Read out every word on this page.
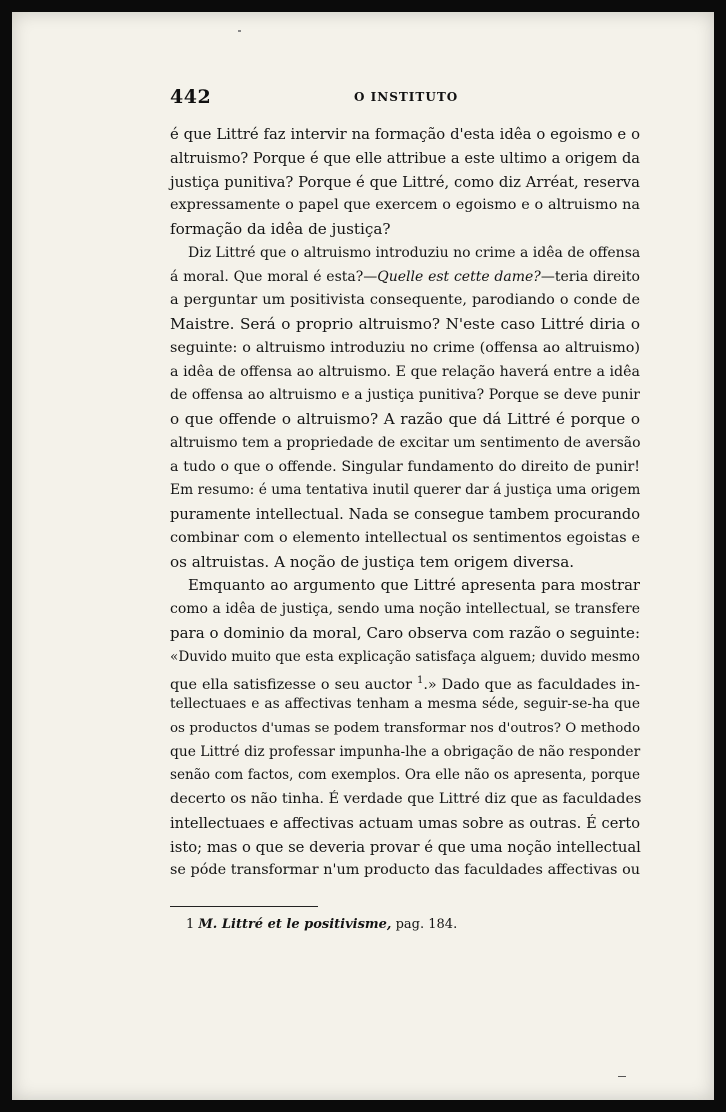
442	O INSTITUTO
é que Littré faz intervir na formação d'esta idêa o egoismo e o
altruismo? Porque é que elle attribue a este ultimo a origem da
justiça punitiva? Porque é que Littré, como diz Arréat, reserva
expressamente o papel que exercem o egoismo e o altruismo na
formação da idêa de justiça?
Diz Littré que o altruismo introduziu no crime a idêa de offensa
á moral. Que moral é esta?—Quelle est cette dame?—teria direito
a perguntar um positivista consequente, parodiando o conde de
Maistre. Será o proprio altruismo? N'este caso Littré diria o
seguinte: o altruismo introduziu no crime (offensa ao altruismo)
a idêa de offensa ao altruismo. E que relação haverá entre a idêa
de offensa ao altruismo e a justiça punitiva? Porque se deve punir
o que offende o altruismo? A razão que dá Littré é porque o
altruismo tem a propriedade de excitar um sentimento de aversão
a tudo o que o offende. Singular fundamento do direito de punir!
Em resumo: é uma tentativa inutil querer dar á justiça uma origem
puramente intellectual. Nada se consegue tambem procurando
combinar com o elemento intellectual os sentimentos egoistas e
os altruistas. A noção de justiça tem origem diversa.
Emquanto ao argumento que Littré apresenta para mostrar
como a idêa de justiça, sendo uma noção intellectual, se transfere
para o dominio da moral, Caro observa com razão o seguinte:
«Duvido muito que esta explicação satisfaça alguem; duvido mesmo
que ella satisfizesse o seu auctor $^1$.» Dado que as faculdades in-
tellectuaes e as affectivas tenham a mesma séde, seguir-se-ha que
os productos d'umas se podem transformar nos d'outros? O methodo
que Littré diz professar impunha-lhe a obrigação de não responder
senão com factos, com exemplos. Ora elle não os apresenta, porque
decerto os não tinha. É verdade que Littré diz que as faculdades
intellectuaes e affectivas actuam umas sobre as outras. É certo
isto; mas o que se deveria provar é que uma noção intellectual
se póde transformar n'um producto das faculdades affectivas ou
1 M. Littré et le positivisme, pag. 184.
